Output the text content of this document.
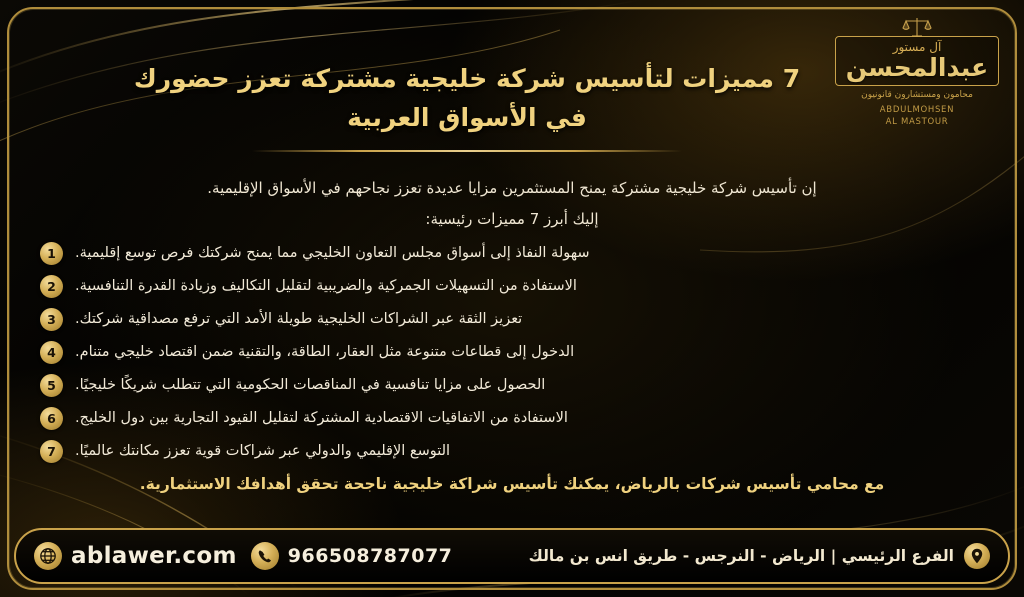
آل مستور
عبدالمحسن
محامون ومستشارون قانونيون
ABDULMOHSEN
AL MASTOUR
7 مميزات لتأسيس شركة خليجية مشتركة تعزز حضورك في الأسواق العربية
إن تأسيس شركة خليجية مشتركة يمنح المستثمرين مزايا عديدة تعزز نجاحهم في الأسواق الإقليمية.
إليك أبرز 7 مميزات رئيسية:
سهولة النفاذ إلى أسواق مجلس التعاون الخليجي مما يمنح شركتك فرص توسع إقليمية.
1
الاستفادة من التسهيلات الجمركية والضريبية لتقليل التكاليف وزيادة القدرة التنافسية.
2
تعزيز الثقة عبر الشراكات الخليجية طويلة الأمد التي ترفع مصداقية شركتك.
3
الدخول إلى قطاعات متنوعة مثل العقار، الطاقة، والتقنية ضمن اقتصاد خليجي متنام.
4
الحصول على مزايا تنافسية في المناقصات الحكومية التي تتطلب شريكًا خليجيًا.
5
الاستفادة من الاتفاقيات الاقتصادية المشتركة لتقليل القيود التجارية بين دول الخليج.
6
التوسع الإقليمي والدولي عبر شراكات قوية تعزز مكانتك عالميًا.
7
مع محامي تأسيس شركات بالرياض، يمكنك تأسيس شراكة خليجية ناجحة تحقق أهدافك الاستثمارية.
الفرع الرئيسي | الرياض - النرجس - طريق انس بن مالك
966508787077
ablawer.com
